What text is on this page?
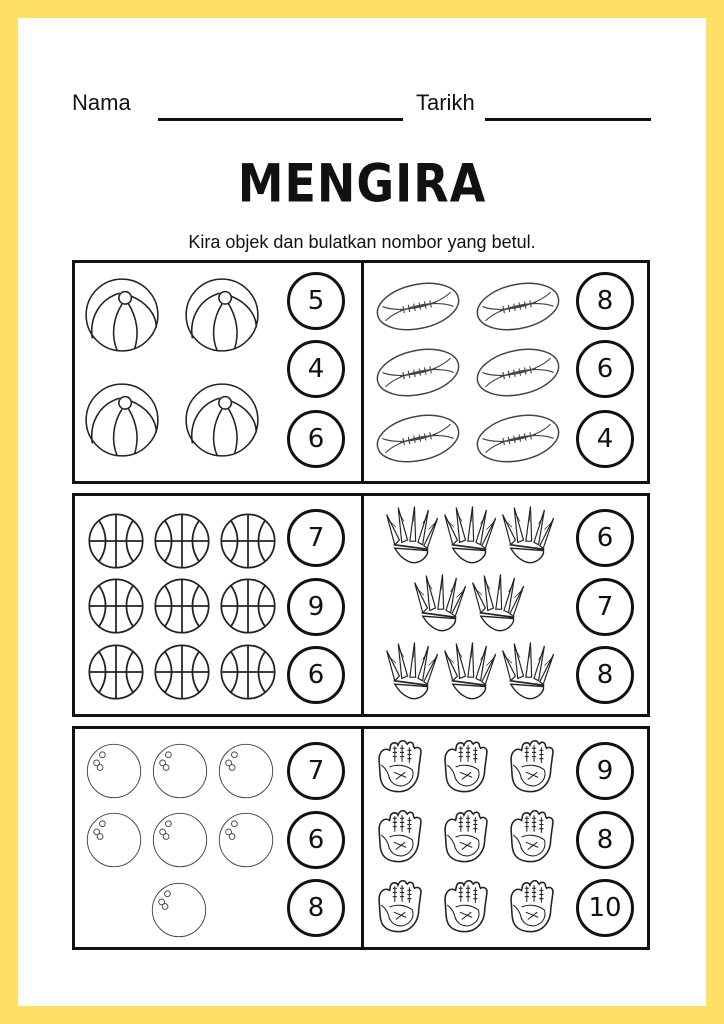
Nama	Tarikh
MENGIRA
Kira objek dan bulatkan nombor yang betul.
5
4
6
8
6
4
7
9
6
6
7
8
7
6
8
9
8
10
